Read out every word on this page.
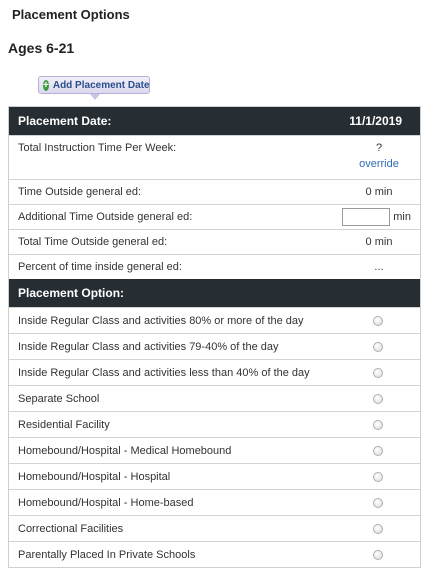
Placement Options
Ages 6-21
+ Add Placement Date
Placement Date:	11/1/2019
Total Instruction Time Per Week:	?
override
Time Outside general ed:	0 min
Additional Time Outside general ed:	min
Total Time Outside general ed:	0 min
Percent of time inside general ed:	...
Placement Option:
Inside Regular Class and activities 80% or more of the day
Inside Regular Class and activities 79-40% of the day
Inside Regular Class and activities less than 40% of the day
Separate School
Residential Facility
Homebound/Hospital - Medical Homebound
Homebound/Hospital - Hospital
Homebound/Hospital - Home-based
Correctional Facilities
Parentally Placed In Private Schools
